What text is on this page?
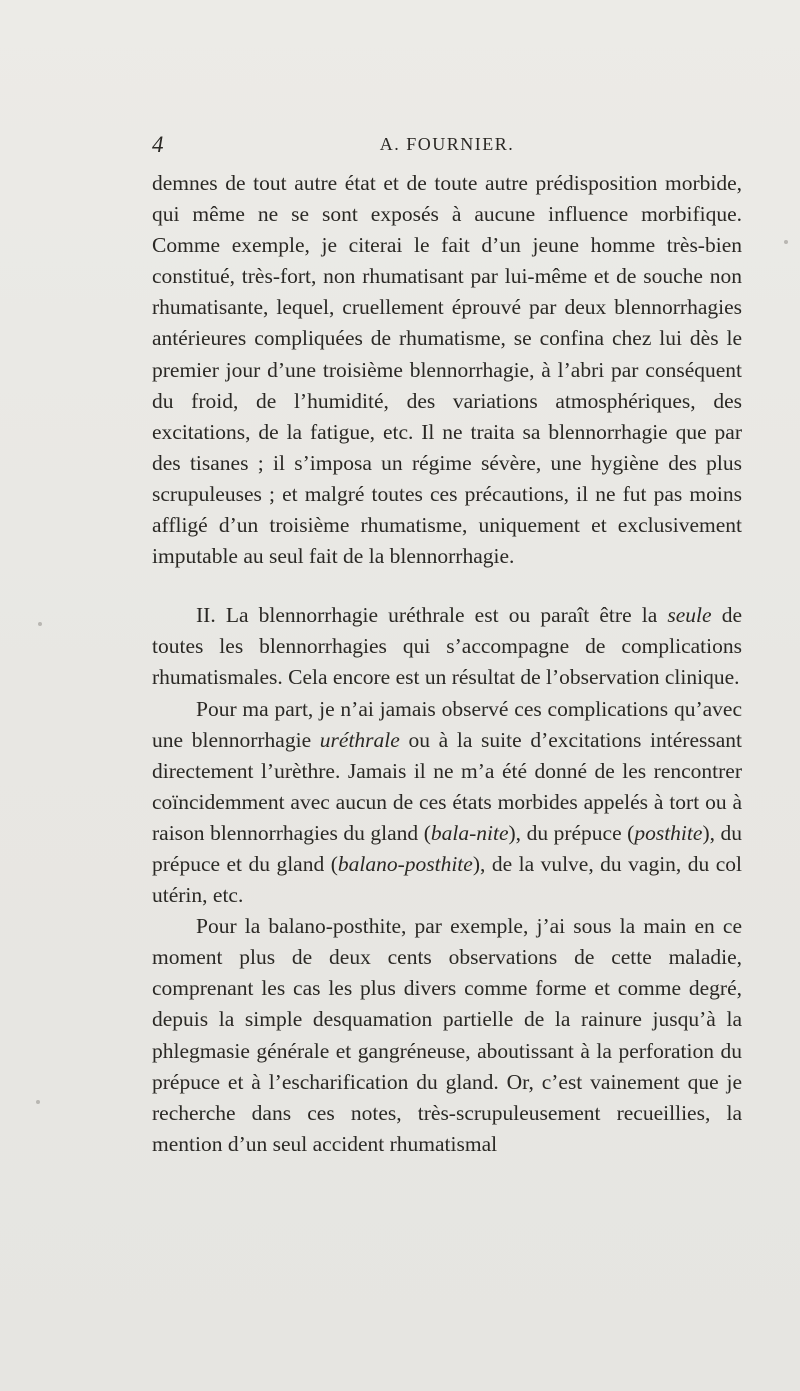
4	A. FOURNIER.

demnes de tout autre état et de toute autre prédisposition morbide, qui même ne se sont exposés à aucune influence morbifique. Comme exemple, je citerai le fait d’un jeune homme très-bien constitué, très-fort, non rhumatisant par lui-même et de souche non rhumatisante, lequel, cruellement éprouvé par deux blennorrhagies antérieures compliquées de rhumatisme, se confina chez lui dès le premier jour d’une troisième blennorrhagie, à l’abri par conséquent du froid, de l’humidité, des variations atmosphériques, des excitations, de la fatigue, etc. Il ne traita sa blennorrhagie que par des tisanes ; il s’imposa un régime sévère, une hygiène des plus scrupuleuses ; et malgré toutes ces précautions, il ne fut pas moins affligé d’un troisième rhumatisme, uniquement et exclusivement imputable au seul fait de la blennorrhagie.

II. La blennorrhagie uréthrale est ou paraît être la seule de toutes les blennorrhagies qui s’accompagne de complications rhumatismales. Cela encore est un résultat de l’observation clinique.

Pour ma part, je n’ai jamais observé ces complications qu’avec une blennorrhagie uréthrale ou à la suite d’excitations intéressant directement l’urèthre. Jamais il ne m’a été donné de les rencontrer coïncidemment avec aucun de ces états morbides appelés à tort ou à raison blennorrhagies du gland (bala-nite), du prépuce (posthite), du prépuce et du gland (balano-posthite), de la vulve, du vagin, du col utérin, etc.

Pour la balano-posthite, par exemple, j’ai sous la main en ce moment plus de deux cents observations de cette maladie, comprenant les cas les plus divers comme forme et comme degré, depuis la simple desquamation partielle de la rainure jusqu’à la phlegmasie générale et gangréneuse, aboutissant à la perforation du prépuce et à l’escharification du gland. Or, c’est vainement que je recherche dans ces notes, très-scrupuleusement recueillies, la mention d’un seul accident rhumatismal
